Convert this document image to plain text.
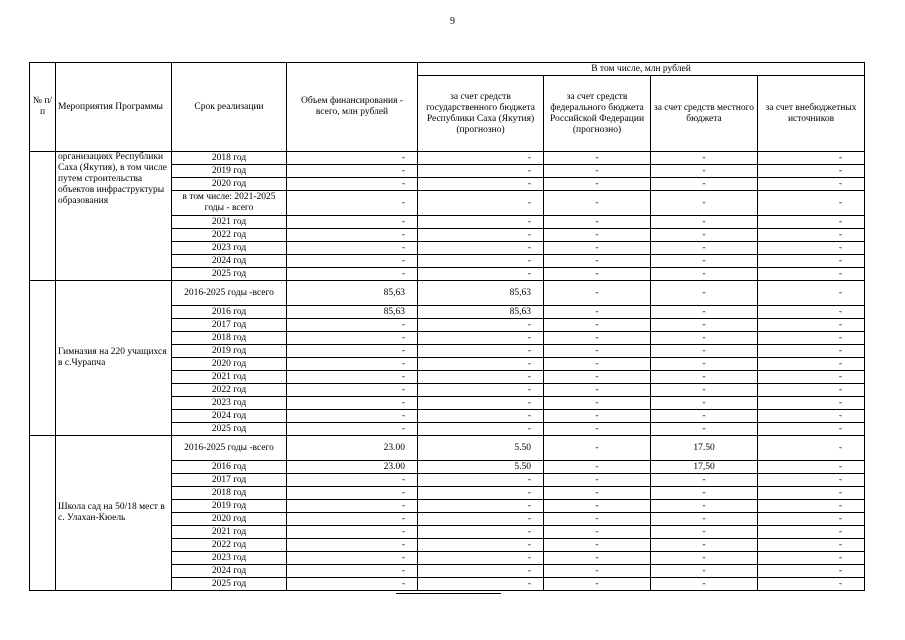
9
№ п/п	Мероприятия Программы	Срок реализации	Объем финансирования - всего, млн рублей	В том числе, млн рублей			
				за счет средств государственного бюджета Республики Саха (Якутия) (прогнозно)	за счет средств федерального бюджета Российской Федерации (прогнозно)	за счет средств местного бюджета	за счет внебюджетных источников
	организациях Республики Саха (Якутия), в том числе путем строительства объектов инфраструктуры образования	2018 год	-	-	-	-	-
		2019 год	-	-	-	-	-
		2020 год	-	-	-	-	-
		в том числе: 2021-2025 годы - всего	-	-	-	-	-
		2021 год	-	-	-	-	-
		2022 год	-	-	-	-	-
		2023 год	-	-	-	-	-
		2024 год	-	-	-	-	-
		2025 год	-	-	-	-	-
	Гимназия на 220 учащихся в с.Чурапча	2016-2025 годы -всего	85,63	85,63	-	-	-
		2016 год	85,63	85,63	-	-	-
		2017 год	-	-	-	-	-
		2018 год	-	-	-	-	-
		2019 год	-	-	-	-	-
		2020 год	-	-	-	-	-
		2021 год	-	-	-	-	-
		2022 год	-	-	-	-	-
		2023 год	-	-	-	-	-
		2024 год	-	-	-	-	-
		2025 год	-	-	-	-	-
	Школа сад на 50/18 мест в с. Улахан-Кюель	2016-2025 годы -всего	23.00	5.50	-	17.50	-
		2016 год	23.00	5.50	-	17,50	-
		2017 год	-	-	-	-	-
		2018 год	-	-	-	-	-
		2019 год	-	-	-	-	-
		2020 год	-	-	-	-	-
		2021 год	-	-	-	-	-
		2022 год	-	-	-	-	-
		2023 год	-	-	-	-	-
		2024 год	-	-	-	-	-
		2025 год	-	-	-	-	-
